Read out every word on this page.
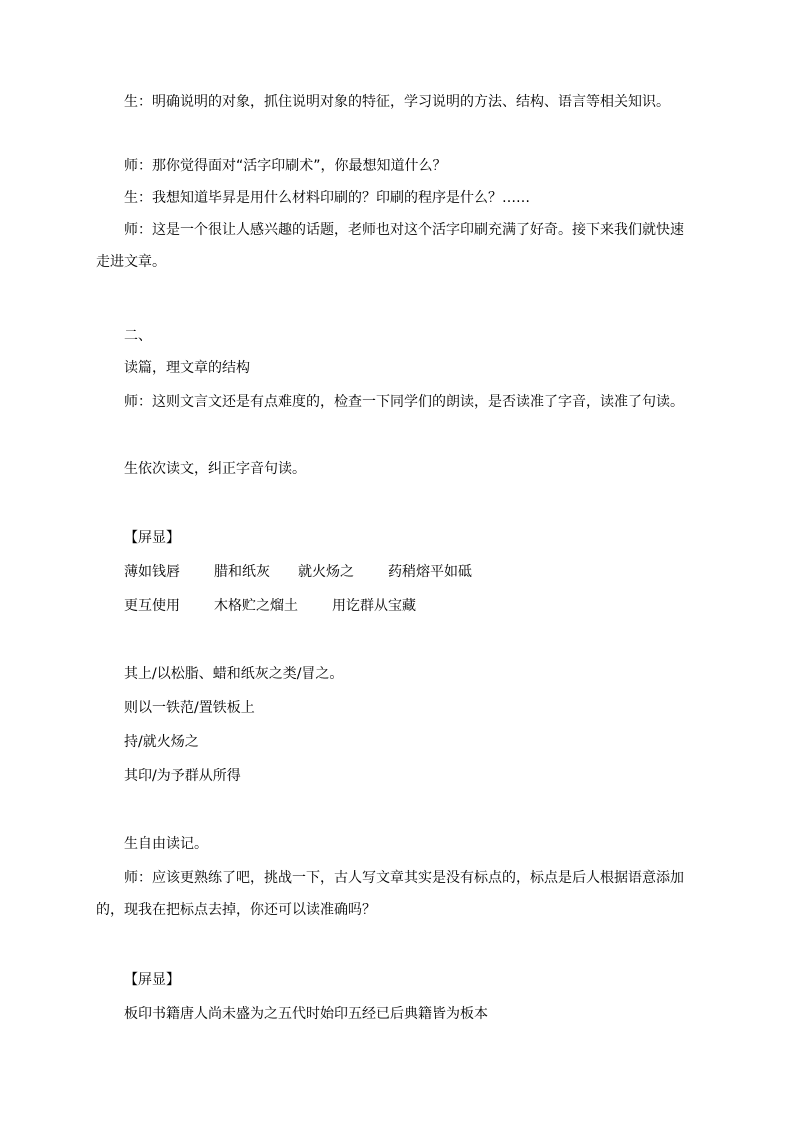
生：明确说明的对象，抓住说明对象的特征，学习说明的方法、结构、语言等相关知识。
师：那你觉得面对“活字印刷术”，你最想知道什么？
生：我想知道毕昇是用什么材料印刷的？印刷的程序是什么？……
师：这是一个很让人感兴趣的话题，老师也对这个活字印刷充满了好奇。接下来我们就快速走进文章。
二、
读篇，理文章的结构
师：这则文言文还是有点难度的，检查一下同学们的朗读，是否读准了字音，读准了句读。
生依次读文，纠正字音句读。
【屏显】
薄如钱唇	腊和纸灰	就火炀之	药稍熔平如砥
更互使用	木格贮之熘土	用讫群从宝藏
其上/以松脂、蜡和纸灰之类/冒之。
则以一铁范/置铁板上
持/就火炀之
其印/为予群从所得
生自由读记。
师：应该更熟练了吧，挑战一下，古人写文章其实是没有标点的，标点是后人根据语意添加的，现我在把标点去掉，你还可以读准确吗？
【屏显】
板印书籍唐人尚未盛为之五代时始印五经已后典籍皆为板本
